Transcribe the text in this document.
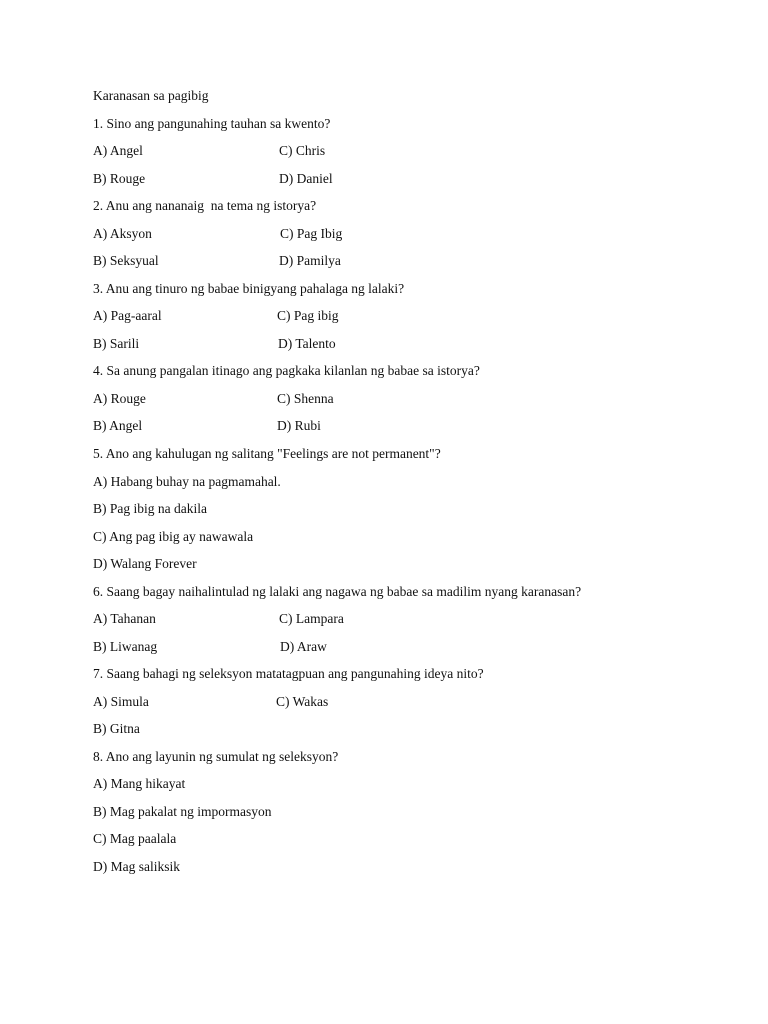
Karanasan sa pagibig
1. Sino ang pangunahing tauhan sa kwento?
A) Angel	C) Chris
B) Rouge	D) Daniel
2. Anu ang nananaig  na tema ng istorya?
A) Aksyon	C) Pag Ibig
B) Seksyual	D) Pamilya
3. Anu ang tinuro ng babae binigyang pahalaga ng lalaki?
A) Pag-aaral	C) Pag ibig
B) Sarili	D) Talento
4. Sa anung pangalan itinago ang pagkaka kilanlan ng babae sa istorya?
A) Rouge	C) Shenna
B) Angel	D) Rubi
5. Ano ang kahulugan ng salitang "Feelings are not permanent"?
A) Habang buhay na pagmamahal.
B) Pag ibig na dakila
C) Ang pag ibig ay nawawala
D) Walang Forever
6. Saang bagay naihalintulad ng lalaki ang nagawa ng babae sa madilim nyang karanasan?
A) Tahanan	C) Lampara
B) Liwanag	D) Araw
7. Saang bahagi ng seleksyon matatagpuan ang pangunahing ideya nito?
A) Simula	C) Wakas
B) Gitna
8. Ano ang layunin ng sumulat ng seleksyon?
A) Mang hikayat
B) Mag pakalat ng impormasyon
C) Mag paalala
D) Mag saliksik
